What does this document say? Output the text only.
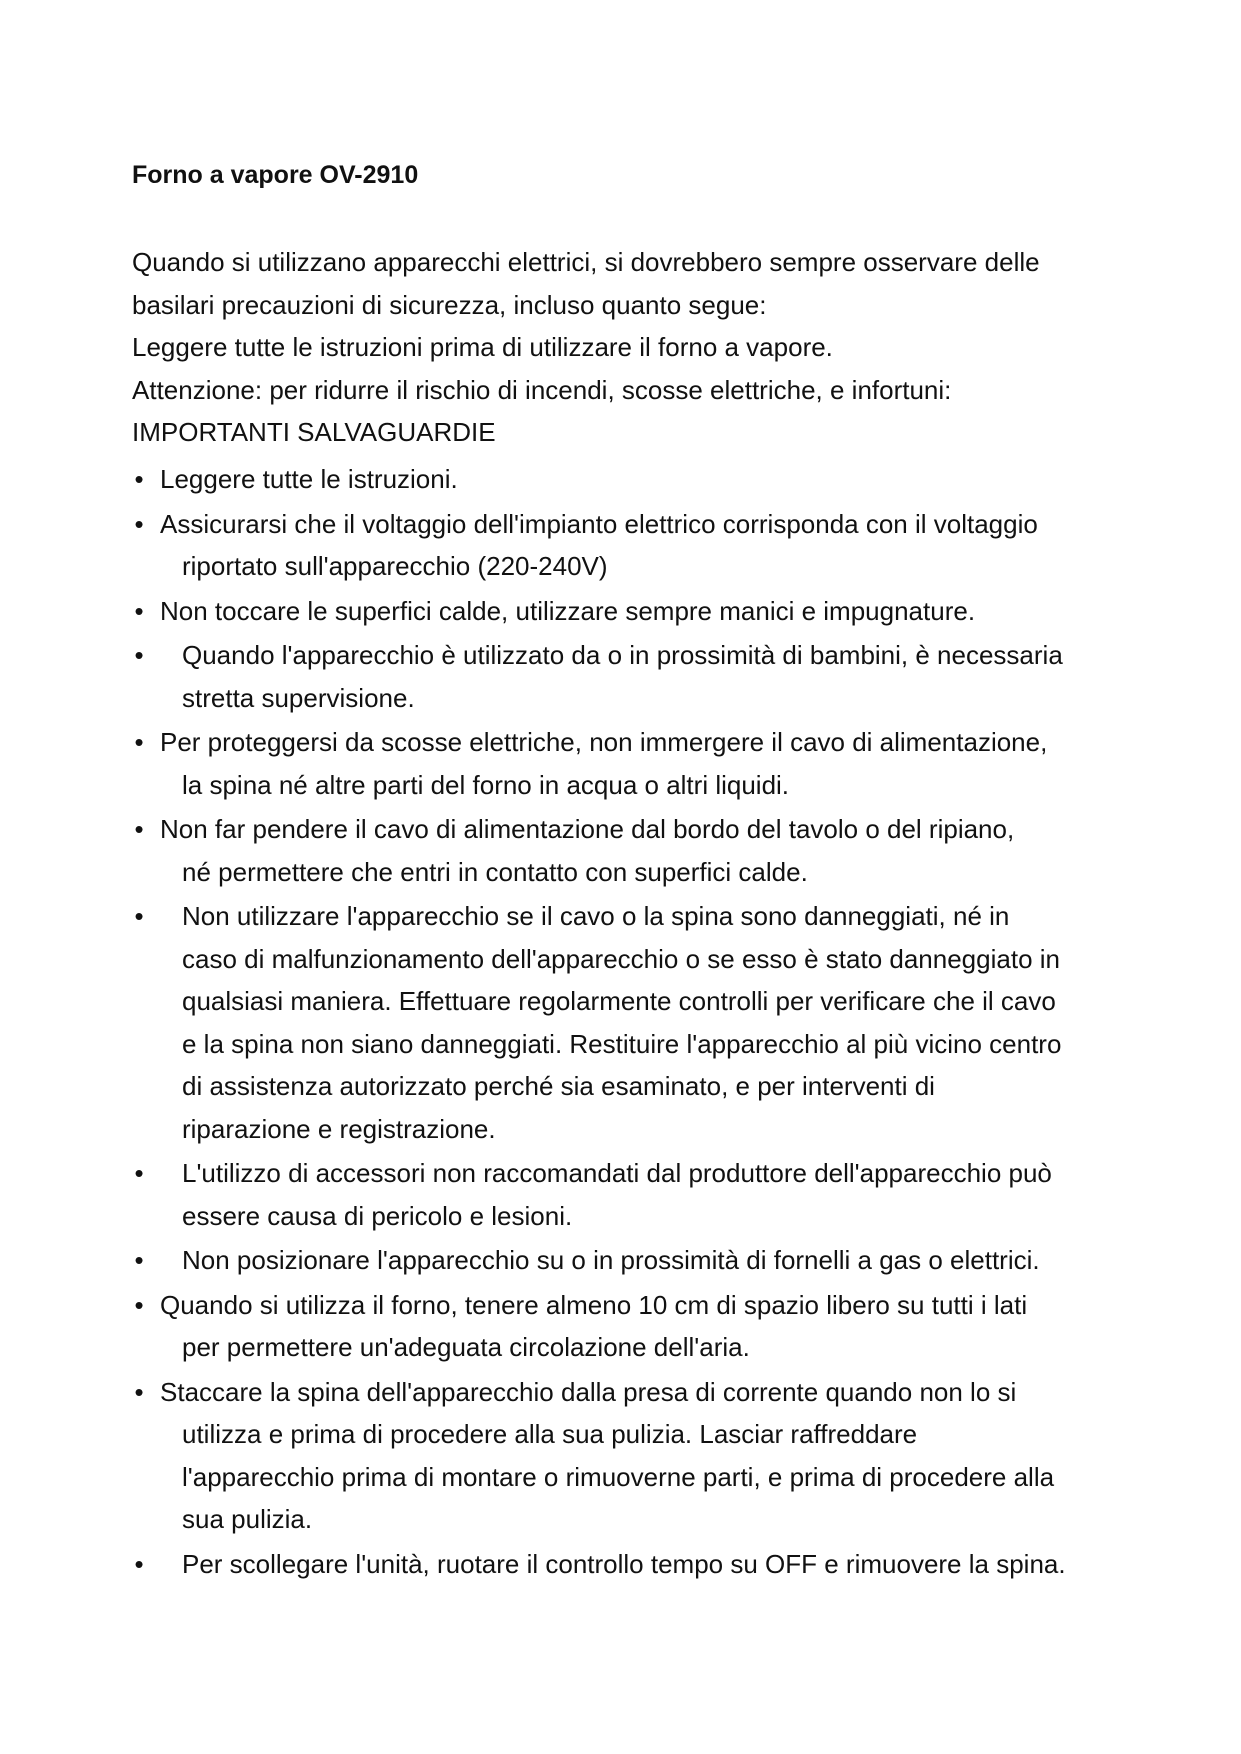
Forno a vapore OV-2910

Quando si utilizzano apparecchi elettrici, si dovrebbero sempre osservare delle

basilari precauzioni di sicurezza, incluso quanto segue:

Leggere tutte le istruzioni prima di utilizzare il forno a vapore.

Attenzione: per ridurre il rischio di incendi, scosse elettriche, e infortuni:

IMPORTANTI SALVAGUARDIE

• Leggere tutte le istruzioni.
• Assicurarsi che il voltaggio dell'impianto elettrico corrisponda con il voltaggio
riportato sull'apparecchio (220-240V)
• Non toccare le superfici calde, utilizzare sempre manici e impugnature.
• Quando l'apparecchio è utilizzato da o in prossimità di bambini, è necessaria
stretta supervisione.
• Per proteggersi da scosse elettriche, non immergere il cavo di alimentazione,
la spina né altre parti del forno in acqua o altri liquidi.
• Non far pendere il cavo di alimentazione dal bordo del tavolo o del ripiano,
né permettere che entri in contatto con superfici calde.
• Non utilizzare l'apparecchio se il cavo o la spina sono danneggiati, né in
caso di malfunzionamento dell'apparecchio o se esso è stato danneggiato in
qualsiasi maniera. Effettuare regolarmente controlli per verificare che il cavo
e la spina non siano danneggiati. Restituire l'apparecchio al più vicino centro
di assistenza autorizzato perché sia esaminato, e per interventi di
riparazione e registrazione.
• L'utilizzo di accessori non raccomandati dal produttore dell'apparecchio può
essere causa di pericolo e lesioni.
• Non posizionare l'apparecchio su o in prossimità di fornelli a gas o elettrici.
• Quando si utilizza il forno, tenere almeno 10 cm di spazio libero su tutti i lati
per permettere un'adeguata circolazione dell'aria.
• Staccare la spina dell'apparecchio dalla presa di corrente quando non lo si
utilizza e prima di procedere alla sua pulizia. Lasciar raffreddare
l'apparecchio prima di montare o rimuoverne parti, e prima di procedere alla
sua pulizia.
• Per scollegare l'unità, ruotare il controllo tempo su OFF e rimuovere la spina.
